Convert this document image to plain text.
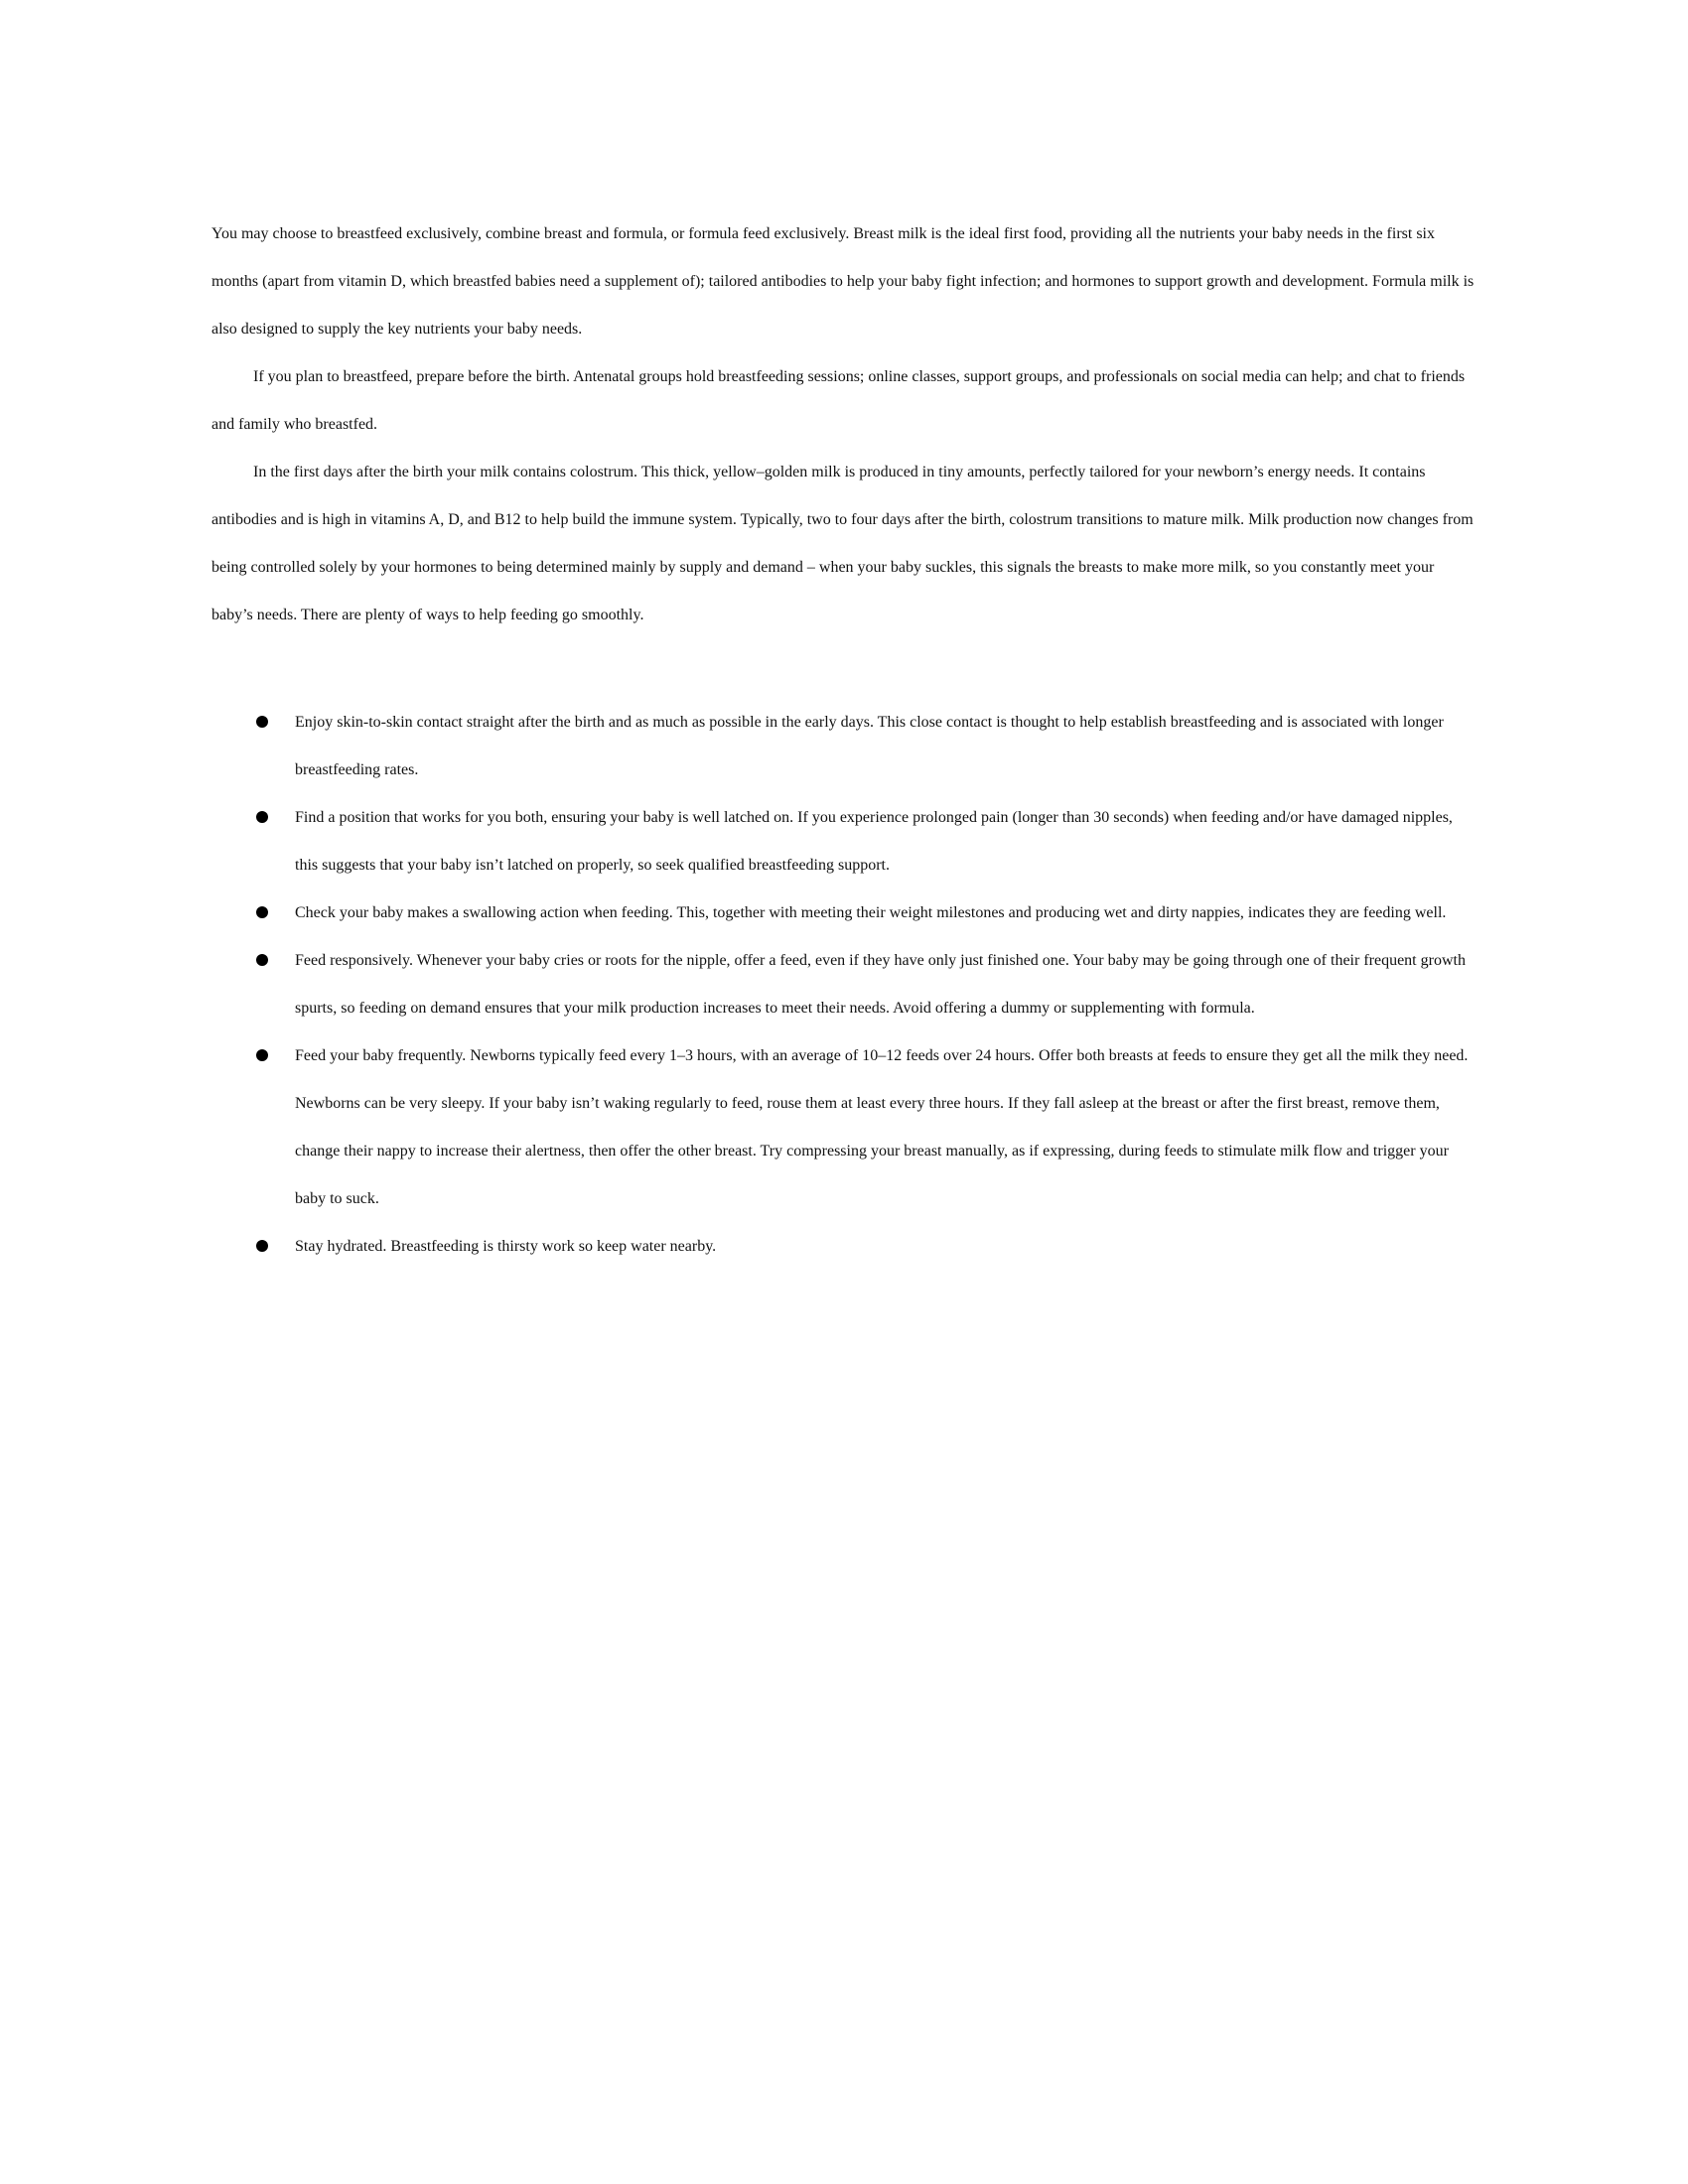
You may choose to breastfeed exclusively, combine breast and formula, or formula feed exclusively. Breast milk is the ideal first food, providing all the nutrients your baby needs in the first six months (apart from vitamin D, which breastfed babies need a supplement of); tailored antibodies to help your baby fight infection; and hormones to support growth and development. Formula milk is also designed to supply the key nutrients your baby needs.

If you plan to breastfeed, prepare before the birth. Antenatal groups hold breastfeeding sessions; online classes, support groups, and professionals on social media can help; and chat to friends and family who breastfed.

In the first days after the birth your milk contains colostrum. This thick, yellow–golden milk is produced in tiny amounts, perfectly tailored for your newborn’s energy needs. It contains antibodies and is high in vitamins A, D, and B12 to help build the immune system. Typically, two to four days after the birth, colostrum transitions to mature milk. Milk production now changes from being controlled solely by your hormones to being determined mainly by supply and demand – when your baby suckles, this signals the breasts to make more milk, so you constantly meet your baby’s needs. There are plenty of ways to help feeding go smoothly.

Enjoy skin-to-skin contact straight after the birth and as much as possible in the early days. This close contact is thought to help establish breastfeeding and is associated with longer breastfeeding rates.
Find a position that works for you both, ensuring your baby is well latched on. If you experience prolonged pain (longer than 30 seconds) when feeding and/or have damaged nipples, this suggests that your baby isn’t latched on properly, so seek qualified breastfeeding support.
Check your baby makes a swallowing action when feeding. This, together with meeting their weight milestones and producing wet and dirty nappies, indicates they are feeding well.
Feed responsively. Whenever your baby cries or roots for the nipple, offer a feed, even if they have only just finished one. Your baby may be going through one of their frequent growth spurts, so feeding on demand ensures that your milk production increases to meet their needs. Avoid offering a dummy or supplementing with formula.
Feed your baby frequently. Newborns typically feed every 1–3 hours, with an average of 10–12 feeds over 24 hours. Offer both breasts at feeds to ensure they get all the milk they need. Newborns can be very sleepy. If your baby isn’t waking regularly to feed, rouse them at least every three hours. If they fall asleep at the breast or after the first breast, remove them, change their nappy to increase their alertness, then offer the other breast. Try compressing your breast manually, as if expressing, during feeds to stimulate milk flow and trigger your baby to suck.
Stay hydrated. Breastfeeding is thirsty work so keep water nearby.
